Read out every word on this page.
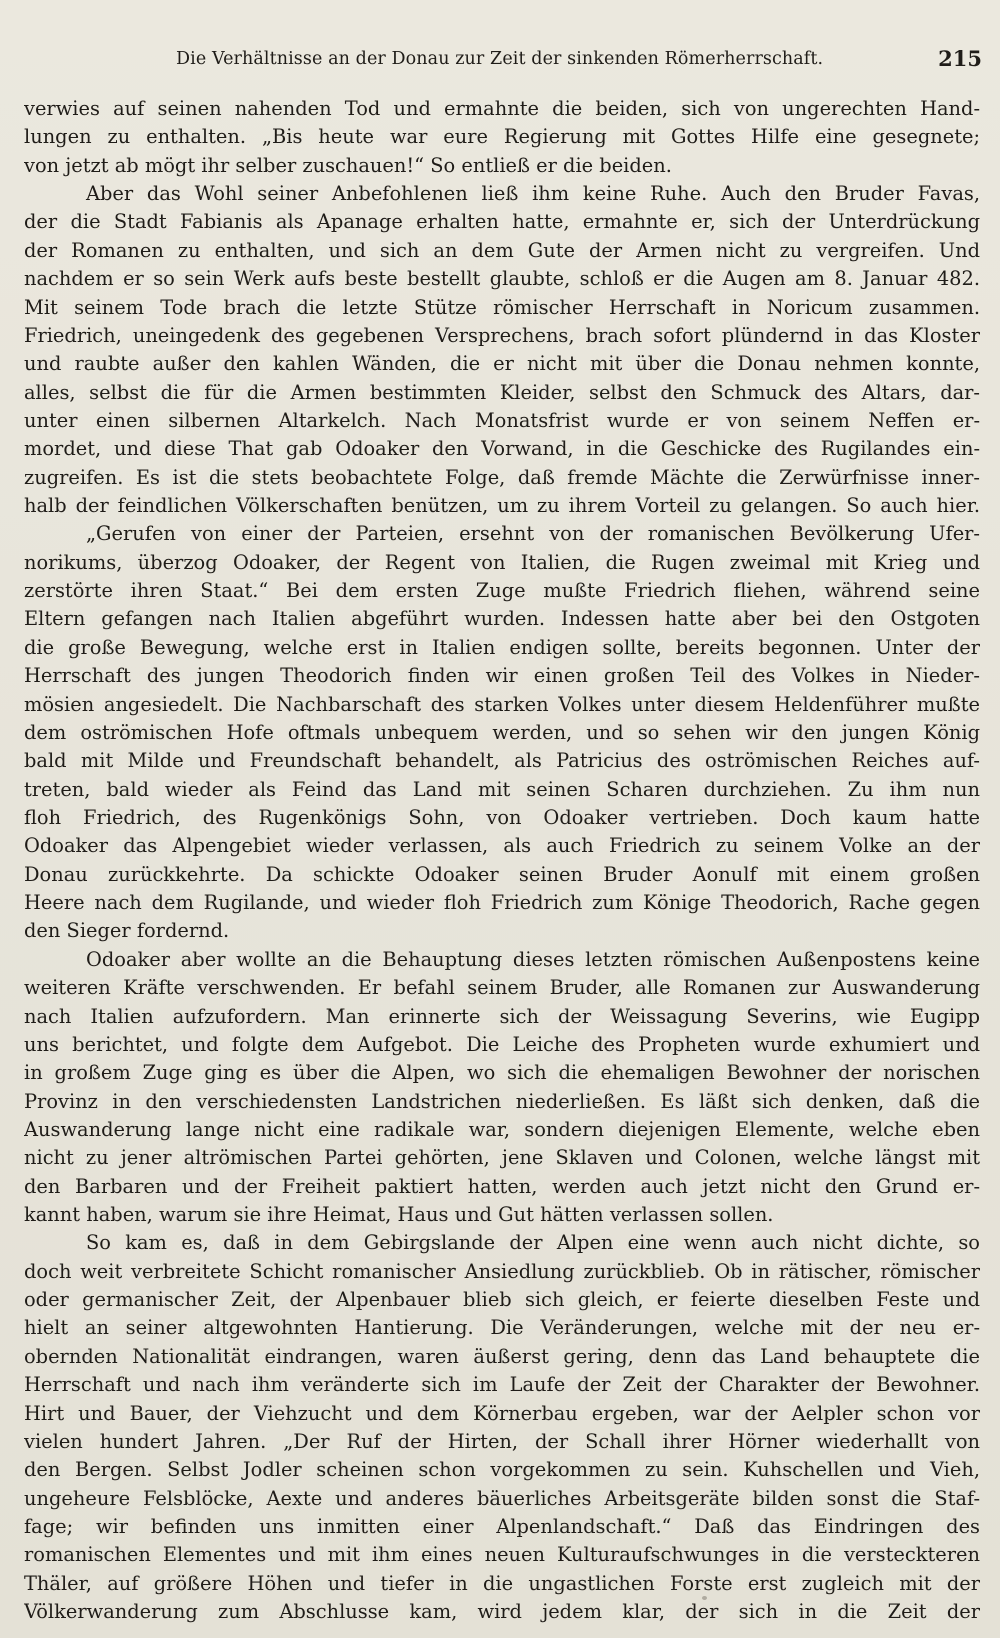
Die Verhältnisse an der Donau zur Zeit der sinkenden Römerherrschaft.	215
verwies auf seinen nahenden Tod und ermahnte die beiden, sich von ungerechten Hand-
lungen zu enthalten. „Bis heute war eure Regierung mit Gottes Hilfe eine gesegnete;
von jetzt ab mögt ihr selber zuschauen!“ So entließ er die beiden.
Aber das Wohl seiner Anbefohlenen ließ ihm keine Ruhe. Auch den Bruder Favas,
der die Stadt Fabianis als Apanage erhalten hatte, ermahnte er, sich der Unterdrückung
der Romanen zu enthalten, und sich an dem Gute der Armen nicht zu vergreifen. Und
nachdem er so sein Werk aufs beste bestellt glaubte, schloß er die Augen am 8. Januar 482.
Mit seinem Tode brach die letzte Stütze römischer Herrschaft in Noricum zusammen.
Friedrich, uneingedenk des gegebenen Versprechens, brach sofort plündernd in das Kloster
und raubte außer den kahlen Wänden, die er nicht mit über die Donau nehmen konnte,
alles, selbst die für die Armen bestimmten Kleider, selbst den Schmuck des Altars, dar-
unter einen silbernen Altarkelch. Nach Monatsfrist wurde er von seinem Neffen er-
mordet, und diese That gab Odoaker den Vorwand, in die Geschicke des Rugilandes ein-
zugreifen. Es ist die stets beobachtete Folge, daß fremde Mächte die Zerwürfnisse inner-
halb der feindlichen Völkerschaften benützen, um zu ihrem Vorteil zu gelangen. So auch hier.
„Gerufen von einer der Parteien, ersehnt von der romanischen Bevölkerung Ufer-
norikums, überzog Odoaker, der Regent von Italien, die Rugen zweimal mit Krieg und
zerstörte ihren Staat.“ Bei dem ersten Zuge mußte Friedrich fliehen, während seine
Eltern gefangen nach Italien abgeführt wurden. Indessen hatte aber bei den Ostgoten
die große Bewegung, welche erst in Italien endigen sollte, bereits begonnen. Unter der
Herrschaft des jungen Theodorich finden wir einen großen Teil des Volkes in Nieder-
mösien angesiedelt. Die Nachbarschaft des starken Volkes unter diesem Heldenführer mußte
dem oströmischen Hofe oftmals unbequem werden, und so sehen wir den jungen König
bald mit Milde und Freundschaft behandelt, als Patricius des oströmischen Reiches auf-
treten, bald wieder als Feind das Land mit seinen Scharen durchziehen. Zu ihm nun
floh Friedrich, des Rugenkönigs Sohn, von Odoaker vertrieben. Doch kaum hatte
Odoaker das Alpengebiet wieder verlassen, als auch Friedrich zu seinem Volke an der
Donau zurückkehrte. Da schickte Odoaker seinen Bruder Aonulf mit einem großen
Heere nach dem Rugilande, und wieder floh Friedrich zum Könige Theodorich, Rache gegen
den Sieger fordernd.
Odoaker aber wollte an die Behauptung dieses letzten römischen Außenpostens keine
weiteren Kräfte verschwenden. Er befahl seinem Bruder, alle Romanen zur Auswanderung
nach Italien aufzufordern. Man erinnerte sich der Weissagung Severins, wie Eugipp
uns berichtet, und folgte dem Aufgebot. Die Leiche des Propheten wurde exhumiert und
in großem Zuge ging es über die Alpen, wo sich die ehemaligen Bewohner der norischen
Provinz in den verschiedensten Landstrichen niederließen. Es läßt sich denken, daß die
Auswanderung lange nicht eine radikale war, sondern diejenigen Elemente, welche eben
nicht zu jener altrömischen Partei gehörten, jene Sklaven und Colonen, welche längst mit
den Barbaren und der Freiheit paktiert hatten, werden auch jetzt nicht den Grund er-
kannt haben, warum sie ihre Heimat, Haus und Gut hätten verlassen sollen.
So kam es, daß in dem Gebirgslande der Alpen eine wenn auch nicht dichte, so
doch weit verbreitete Schicht romanischer Ansiedlung zurückblieb. Ob in rätischer, römischer
oder germanischer Zeit, der Alpenbauer blieb sich gleich, er feierte dieselben Feste und
hielt an seiner altgewohnten Hantierung. Die Veränderungen, welche mit der neu er-
obernden Nationalität eindrangen, waren äußerst gering, denn das Land behauptete die
Herrschaft und nach ihm veränderte sich im Laufe der Zeit der Charakter der Bewohner.
Hirt und Bauer, der Viehzucht und dem Körnerbau ergeben, war der Aelpler schon vor
vielen hundert Jahren. „Der Ruf der Hirten, der Schall ihrer Hörner wiederhallt von
den Bergen. Selbst Jodler scheinen schon vorgekommen zu sein. Kuhschellen und Vieh,
ungeheure Felsblöcke, Aexte und anderes bäuerliches Arbeitsgeräte bilden sonst die Staf-
fage; wir befinden uns inmitten einer Alpenlandschaft.“ Daß das Eindringen des
romanischen Elementes und mit ihm eines neuen Kulturaufschwunges in die versteckteren
Thäler, auf größere Höhen und tiefer in die ungastlichen Forste erst zugleich mit der
Völkerwanderung zum Abschlusse kam, wird jedem klar, der sich in die Zeit der
